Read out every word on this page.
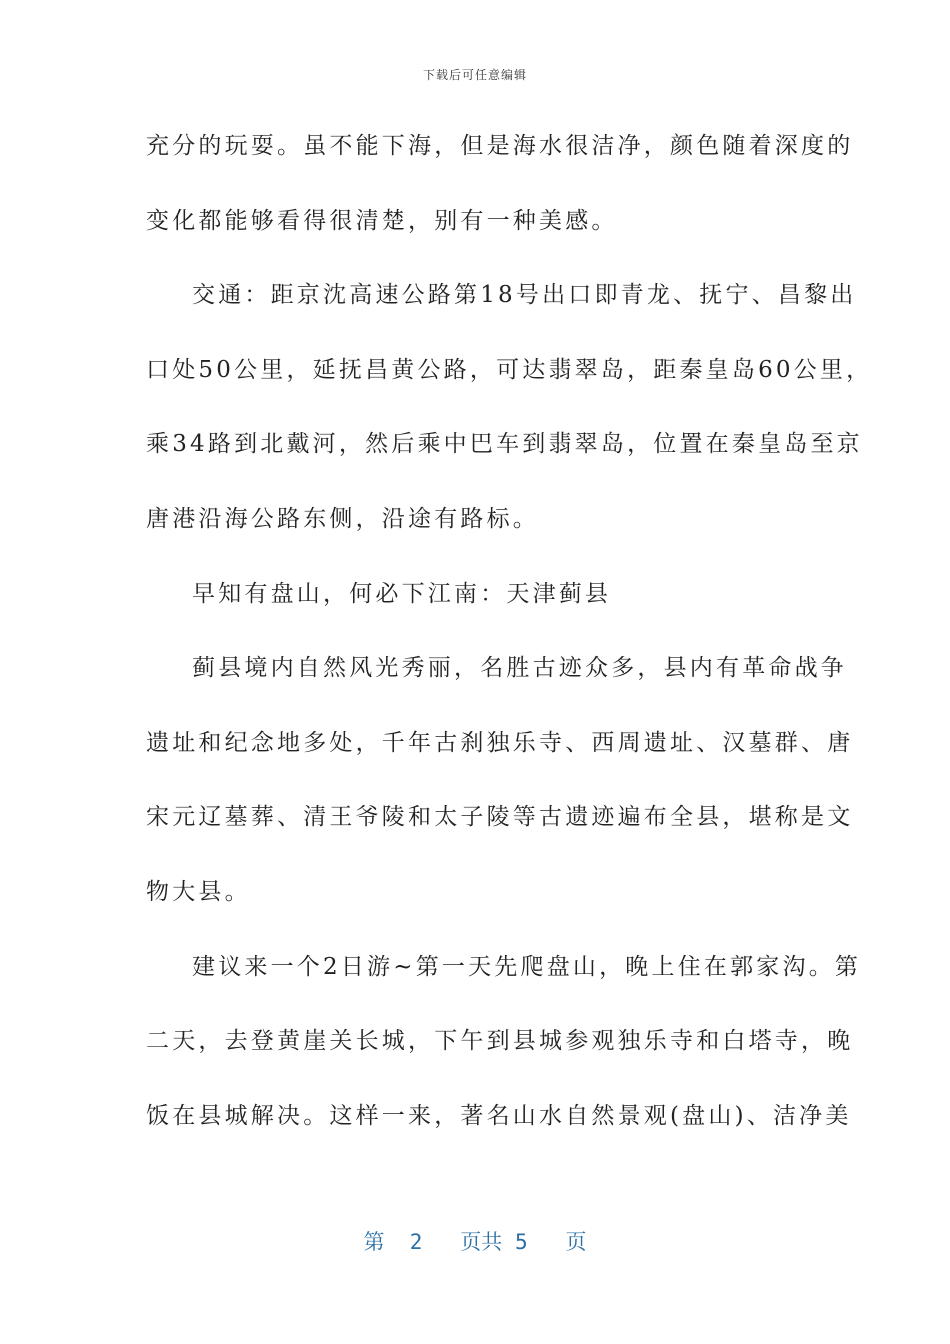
下载后可任意编辑
充分的玩耍。虽不能下海，但是海水很洁净，颜色随着深度的
变化都能够看得很清楚，别有一种美感。
交通：距京沈高速公路第18号出口即青龙、抚宁、昌黎出
口处50公里，延抚昌黄公路，可达翡翠岛，距秦皇岛60公里，
乘34路到北戴河，然后乘中巴车到翡翠岛，位置在秦皇岛至京
唐港沿海公路东侧，沿途有路标。
早知有盘山，何必下江南：天津蓟县
蓟县境内自然风光秀丽，名胜古迹众多，县内有革命战争
遗址和纪念地多处，千年古刹独乐寺、西周遗址、汉墓群、唐
宋元辽墓葬、清王爷陵和太子陵等古遗迹遍布全县，堪称是文
物大县。
建议来一个2日游~第一天先爬盘山，晚上住在郭家沟。第
二天，去登黄崖关长城，下午到县城参观独乐寺和白塔寺，晚
饭在县城解决。这样一来，著名山水自然景观(盘山)、洁净美
第  2   页共 5   页
